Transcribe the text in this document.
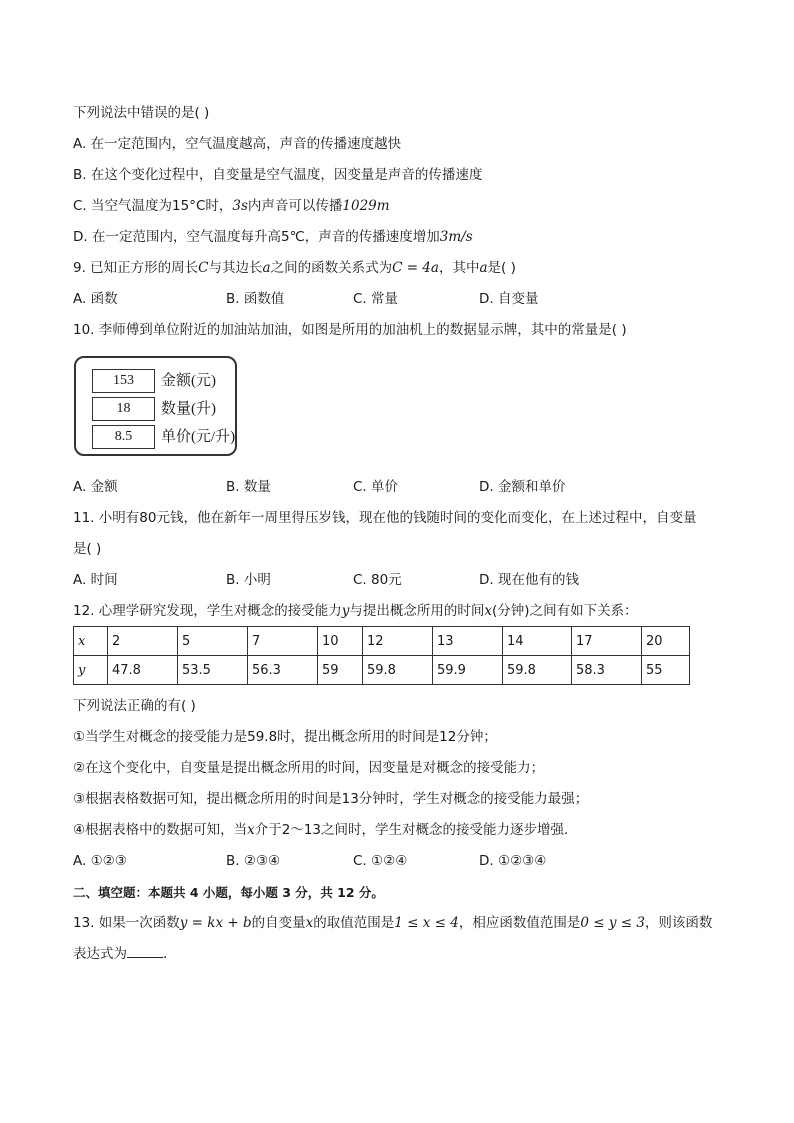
下列说法中错误的是( )
A. 在一定范围内，空气温度越高，声音的传播速度越快
B. 在这个变化过程中，自变量是空气温度，因变量是声音的传播速度
C. 当空气温度为15°C时，3s内声音可以传播1029m
D. 在一定范围内，空气温度每升高5℃，声音的传播速度增加3m/s
9. 已知正方形的周长C与其边长a之间的函数关系式为C = 4a，其中a是( )
A. 函数	B. 函数值	C. 常量	D. 自变量
10. 李师傅到单位附近的加油站加油，如图是所用的加油机上的数据显示牌，其中的常量是( )
153	金额(元)
18	数量(升)
8.5	单价(元/升)
A. 金额	B. 数量	C. 单价	D. 金额和单价
11. 小明有80元钱，他在新年一周里得压岁钱，现在他的钱随时间的变化而变化，在上述过程中，自变量
是( )
A. 时间	B. 小明	C. 80元	D. 现在他有的钱
12. 心理学研究发现，学生对概念的接受能力y与提出概念所用的时间x(分钟)之间有如下关系：
x	2	5	7	10	12	13	14	17	20
y	47.8	53.5	56.3	59	59.8	59.9	59.8	58.3	55
下列说法正确的有( )
①当学生对概念的接受能力是59.8时，提出概念所用的时间是12分钟；
②在这个变化中，自变量是提出概念所用的时间，因变量是对概念的接受能力；
③根据表格数据可知，提出概念所用的时间是13分钟时，学生对概念的接受能力最强；
④根据表格中的数据可知，当x介于2～13之间时，学生对概念的接受能力逐步增强．
A. ①②③	B. ②③④	C. ①②④	D. ①②③④
二、填空题：本题共 4 小题，每小题 3 分，共 12 分。
13. 如果一次函数y = kx + b的自变量x的取值范围是1 ≤ x ≤ 4，相应函数值范围是0 ≤ y ≤ 3，则该函数
表达式为	．
